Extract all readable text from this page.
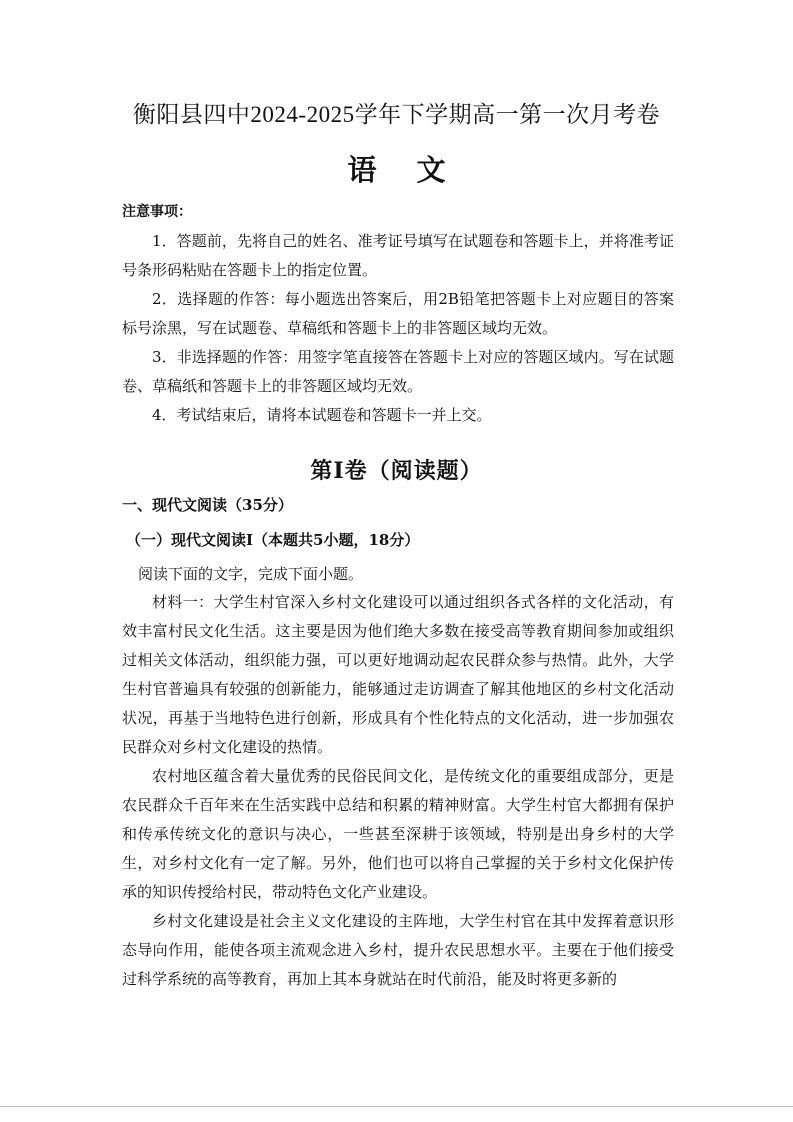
衡阳县四中2024-2025学年下学期高一第一次月考卷
语文
注意事项：

1．答题前，先将自己的姓名、准考证号填写在试题卷和答题卡上，并将准考证号条形码粘贴在答题卡上的指定位置。

2．选择题的作答：每小题选出答案后，用2B铅笔把答题卡上对应题目的答案标号涂黑，写在试题卷、草稿纸和答题卡上的非答题区域均无效。

3．非选择题的作答：用签字笔直接答在答题卡上对应的答题区域内。写在试题卷、草稿纸和答题卡上的非答题区域均无效。

4．考试结束后，请将本试题卷和答题卡一并上交。

第Ⅰ卷（阅读题）
一、现代文阅读（35分）
（一）现代文阅读Ⅰ（本题共5小题，18分）
阅读下面的文字，完成下面小题。

材料一：大学生村官深入乡村文化建设可以通过组织各式各样的文化活动，有效丰富村民文化生活。这主要是因为他们绝大多数在接受高等教育期间参加或组织过相关文体活动，组织能力强，可以更好地调动起农民群众参与热情。此外，大学生村官普遍具有较强的创新能力，能够通过走访调查了解其他地区的乡村文化活动状况，再基于当地特色进行创新，形成具有个性化特点的文化活动，进一步加强农民群众对乡村文化建设的热情。

农村地区蕴含着大量优秀的民俗民间文化，是传统文化的重要组成部分，更是农民群众千百年来在生活实践中总结和积累的精神财富。大学生村官大都拥有保护和传承传统文化的意识与决心，一些甚至深耕于该领域，特别是出身乡村的大学生，对乡村文化有一定了解。另外，他们也可以将自己掌握的关于乡村文化保护传承的知识传授给村民，带动特色文化产业建设。

乡村文化建设是社会主义文化建设的主阵地，大学生村官在其中发挥着意识形态导向作用，能使各项主流观念进入乡村，提升农民思想水平。主要在于他们接受过科学系统的高等教育，再加上其本身就站在时代前沿，能及时将更多新的
